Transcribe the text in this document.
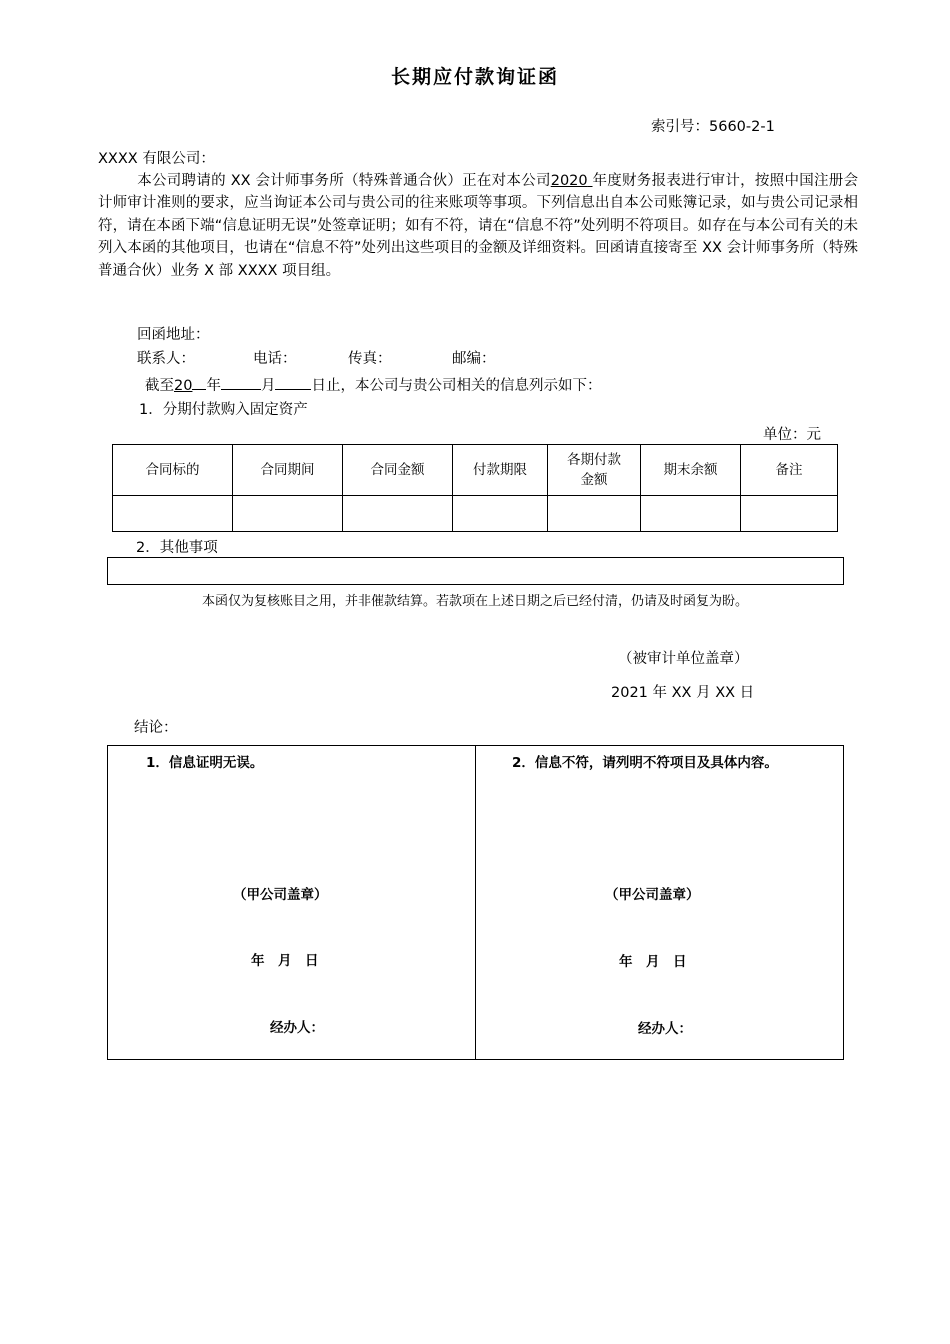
长期应付款询证函
索引号：5660-2-1
XXXX 有限公司：
本公司聘请的 XX 会计师事务所（特殊普通合伙）正在对本公司2020 年度财务报表进行审计，按照中国注册会计师审计准则的要求，应当询证本公司与贵公司的往来账项等事项。下列信息出自本公司账簿记录，如与贵公司记录相符，请在本函下端“信息证明无误”处签章证明；如有不符，请在“信息不符”处列明不符项目。如存在与本公司有关的未列入本函的其他项目，也请在“信息不符”处列出这些项目的金额及详细资料。回函请直接寄至 XX 会计师事务所（特殊普通合伙）业务 X 部 XXXX 项目组。
回函地址：
联系人：	电话：	传真：	邮编：
截至20 年	月 日止，本公司与贵公司相关的信息列示如下：
1．分期付款购入固定资产
单位：元
合同标的	合同期间	合同金额	付款期限	各期付款金额	期末余额	备注

2．其他事项
本函仅为复核账目之用，并非催款结算。若款项在上述日期之后已经付清，仍请及时函复为盼。
（被审计单位盖章）
2021 年 XX 月 XX 日
结论：
1．信息证明无误。	2．信息不符，请列明不符项目及具体内容。
（甲公司盖章）	（甲公司盖章）
年　月　日	年　月　日
经办人：	经办人：
